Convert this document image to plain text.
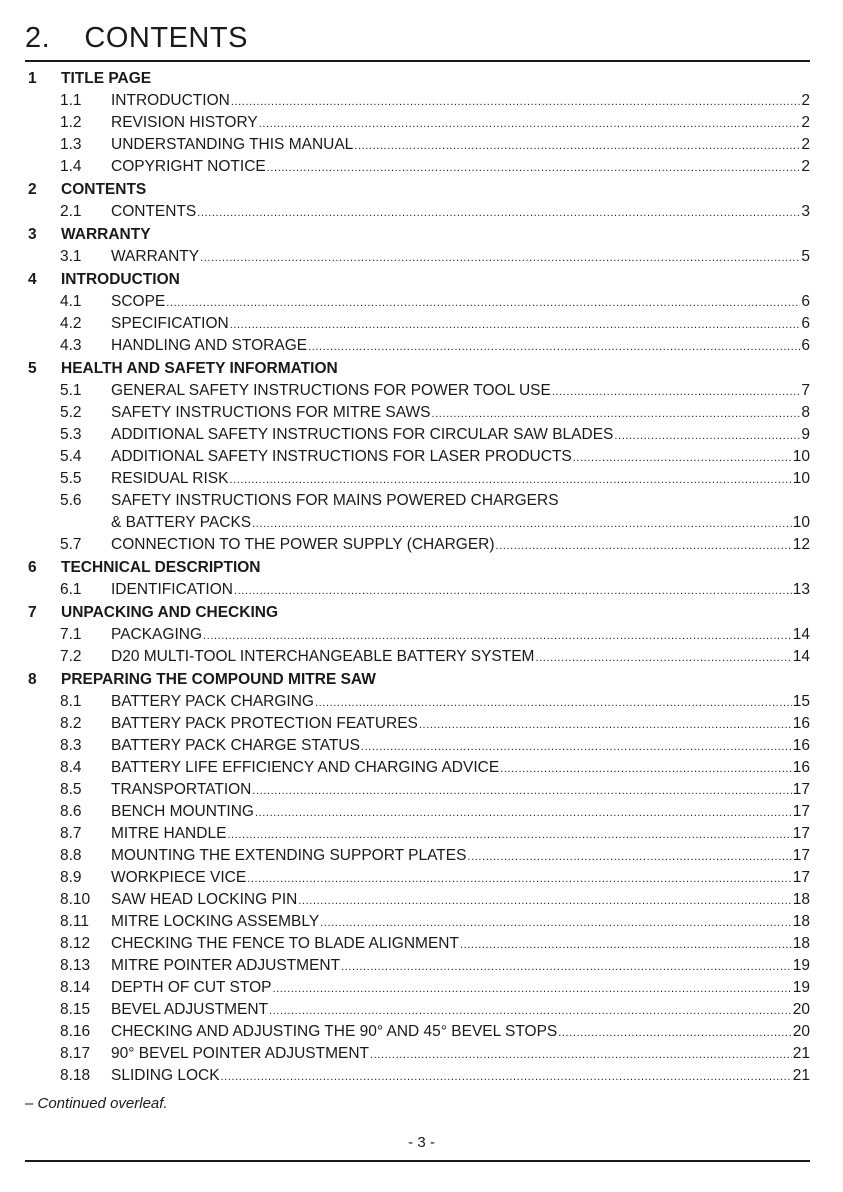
2. CONTENTS
1 TITLE PAGE
1.1 INTRODUCTION .....	2
1.2 REVISION HISTORY .....	2
1.3 UNDERSTANDING THIS MANUAL .....	2
1.4 COPYRIGHT NOTICE .....	2
2 CONTENTS
2.1 CONTENTS .....	3
3 WARRANTY
3.1 WARRANTY .....	5
4 INTRODUCTION
4.1 SCOPE .....	6
4.2 SPECIFICATION .....	6
4.3 HANDLING AND STORAGE .....	6
5 HEALTH AND SAFETY INFORMATION
5.1 GENERAL SAFETY INSTRUCTIONS FOR POWER TOOL USE .....	7
5.2 SAFETY INSTRUCTIONS FOR MITRE SAWS .....	8
5.3 ADDITIONAL SAFETY INSTRUCTIONS FOR CIRCULAR SAW BLADES .....	9
5.4 ADDITIONAL SAFETY INSTRUCTIONS FOR LASER PRODUCTS .....	10
5.5 RESIDUAL RISK .....	10
5.6 SAFETY INSTRUCTIONS FOR MAINS POWERED CHARGERS
& BATTERY PACKS .....	10
5.7 CONNECTION TO THE POWER SUPPLY (CHARGER) .....	12
6 TECHNICAL DESCRIPTION
6.1 IDENTIFICATION .....	13
7 UNPACKING AND CHECKING
7.1 PACKAGING .....	14
7.2 D20 MULTI-TOOL INTERCHANGEABLE BATTERY SYSTEM .....	14
8 PREPARING THE COMPOUND MITRE SAW
8.1 BATTERY PACK CHARGING .....	15
8.2 BATTERY PACK PROTECTION FEATURES .....	16
8.3 BATTERY PACK CHARGE STATUS .....	16
8.4 BATTERY LIFE EFFICIENCY AND CHARGING ADVICE .....	16
8.5 TRANSPORTATION .....	17
8.6 BENCH MOUNTING .....	17
8.7 MITRE HANDLE .....	17
8.8 MOUNTING THE EXTENDING SUPPORT PLATES .....	17
8.9 WORKPIECE VICE .....	17
8.10 SAW HEAD LOCKING PIN .....	18
8.11 MITRE LOCKING ASSEMBLY .....	18
8.12 CHECKING THE FENCE TO BLADE ALIGNMENT .....	18
8.13 MITRE POINTER ADJUSTMENT .....	19
8.14 DEPTH OF CUT STOP .....	19
8.15 BEVEL ADJUSTMENT .....	20
8.16 CHECKING AND ADJUSTING THE 90° AND 45° BEVEL STOPS .....	20
8.17 90° BEVEL POINTER ADJUSTMENT .....	21
8.18 SLIDING LOCK .....	21
– Continued overleaf.
- 3 -
